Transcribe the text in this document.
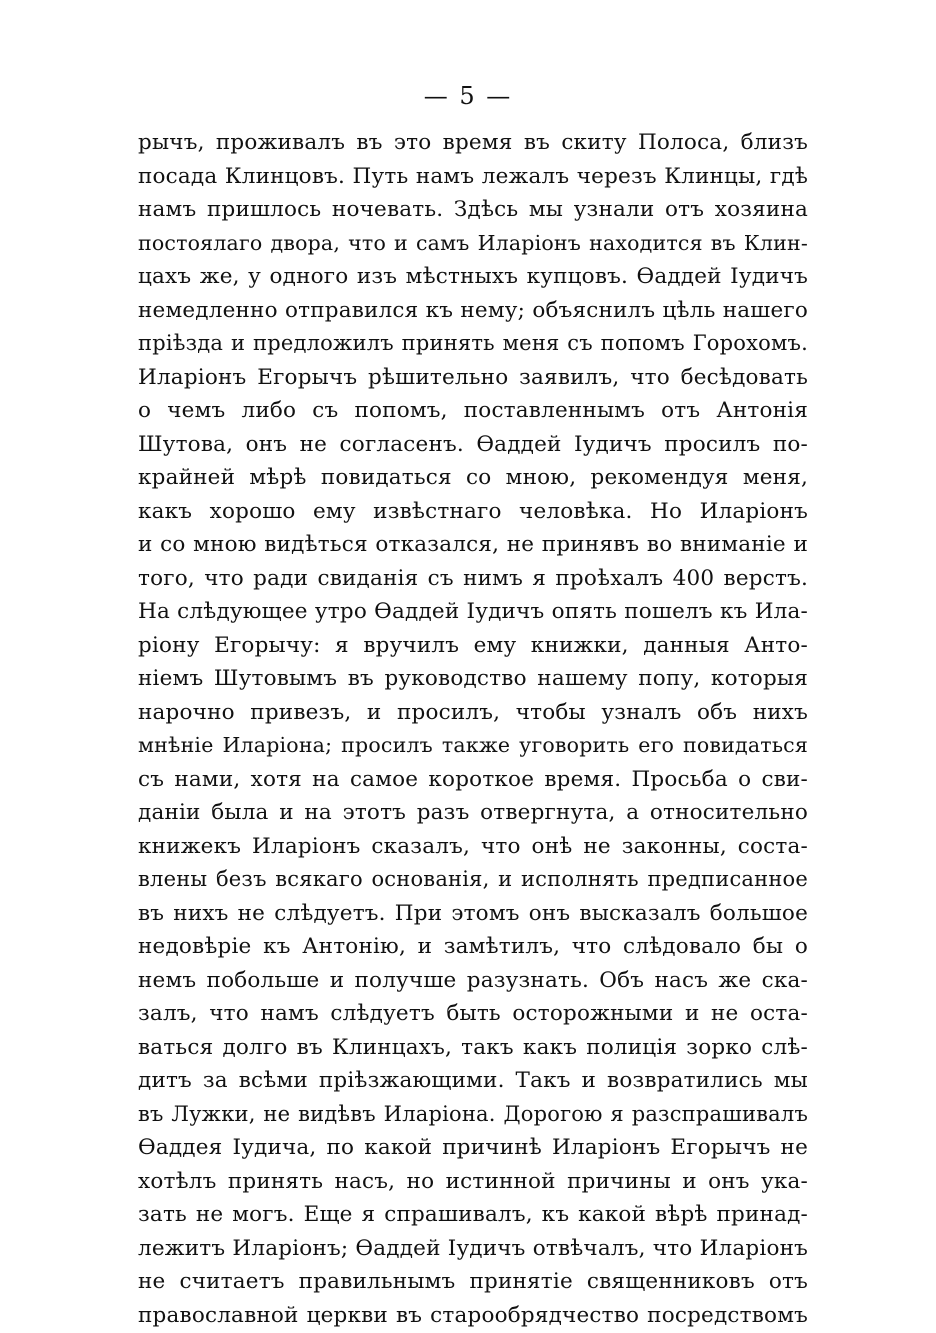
— 5 —
рычъ, проживалъ въ это время въ скиту Полоса, близъ
посада Клинцовъ. Путь намъ лежалъ черезъ Клинцы, гдѣ
намъ пришлось ночевать. Здѣсь мы узнали отъ хозяина
постоялаго двора, что и самъ Иларіонъ находится въ Клин-
цахъ же, у одного изъ мѣстныхъ купцовъ. Ѳаддей Іудичъ
немедленно отправился къ нему; объяснилъ цѣль нашего
пріѣзда и предложилъ принять меня съ попомъ Горохомъ.
Иларіонъ Егорычъ рѣшительно заявилъ, что бесѣдовать
о чемъ либо съ попомъ, поставленнымъ отъ Антонія
Шутова, онъ не согласенъ. Ѳаддей Іудичъ просилъ по-
крайней мѣрѣ повидаться со мною, рекомендуя меня,
какъ хорошо ему извѣстнаго человѣка. Но Иларіонъ
и со мною видѣться отказался, не принявъ во вниманіе и
того, что ради свиданія съ нимъ я проѣхалъ 400 верстъ.
На слѣдующее утро Ѳаддей Іудичъ опять пошелъ къ Ила-
ріону Егорычу: я вручилъ ему книжки, данныя Анто-
ніемъ Шутовымъ въ руководство нашему попу, которыя
нарочно привезъ, и просилъ, чтобы узналъ объ нихъ
мнѣніе Иларіона; просилъ также уговорить его повидаться
съ нами, хотя на самое короткое время. Просьба о сви-
даніи была и на этотъ разъ отвергнута, а относительно
книжекъ Иларіонъ сказалъ, что онѣ не законны, соста-
влены безъ всякаго основанія, и исполнять предписанное
въ нихъ не слѣдуетъ. При этомъ онъ высказалъ большое
недовѣріе къ Антонію, и замѣтилъ, что слѣдовало бы о
немъ побольше и получше разузнать. Объ насъ же ска-
залъ, что намъ слѣдуетъ быть осторожными и не оста-
ваться долго въ Клинцахъ, такъ какъ полиція зорко слѣ-
дитъ за всѣми пріѣзжающими. Такъ и возвратились мы
въ Лужки, не видѣвъ Иларіона. Дорогою я разспрашивалъ
Ѳаддея Іудича, по какой причинѣ Иларіонъ Егорычъ не
хотѣлъ принять насъ, но истинной причины и онъ ука-
зать не могъ. Еще я спрашивалъ, къ какой вѣрѣ принад-
лежитъ Иларіонъ; Ѳаддей Іудичъ отвѣчалъ, что Иларіонъ
не считаетъ правильнымъ принятіе священниковъ отъ
православной церкви въ старообрядчество посредствомъ
